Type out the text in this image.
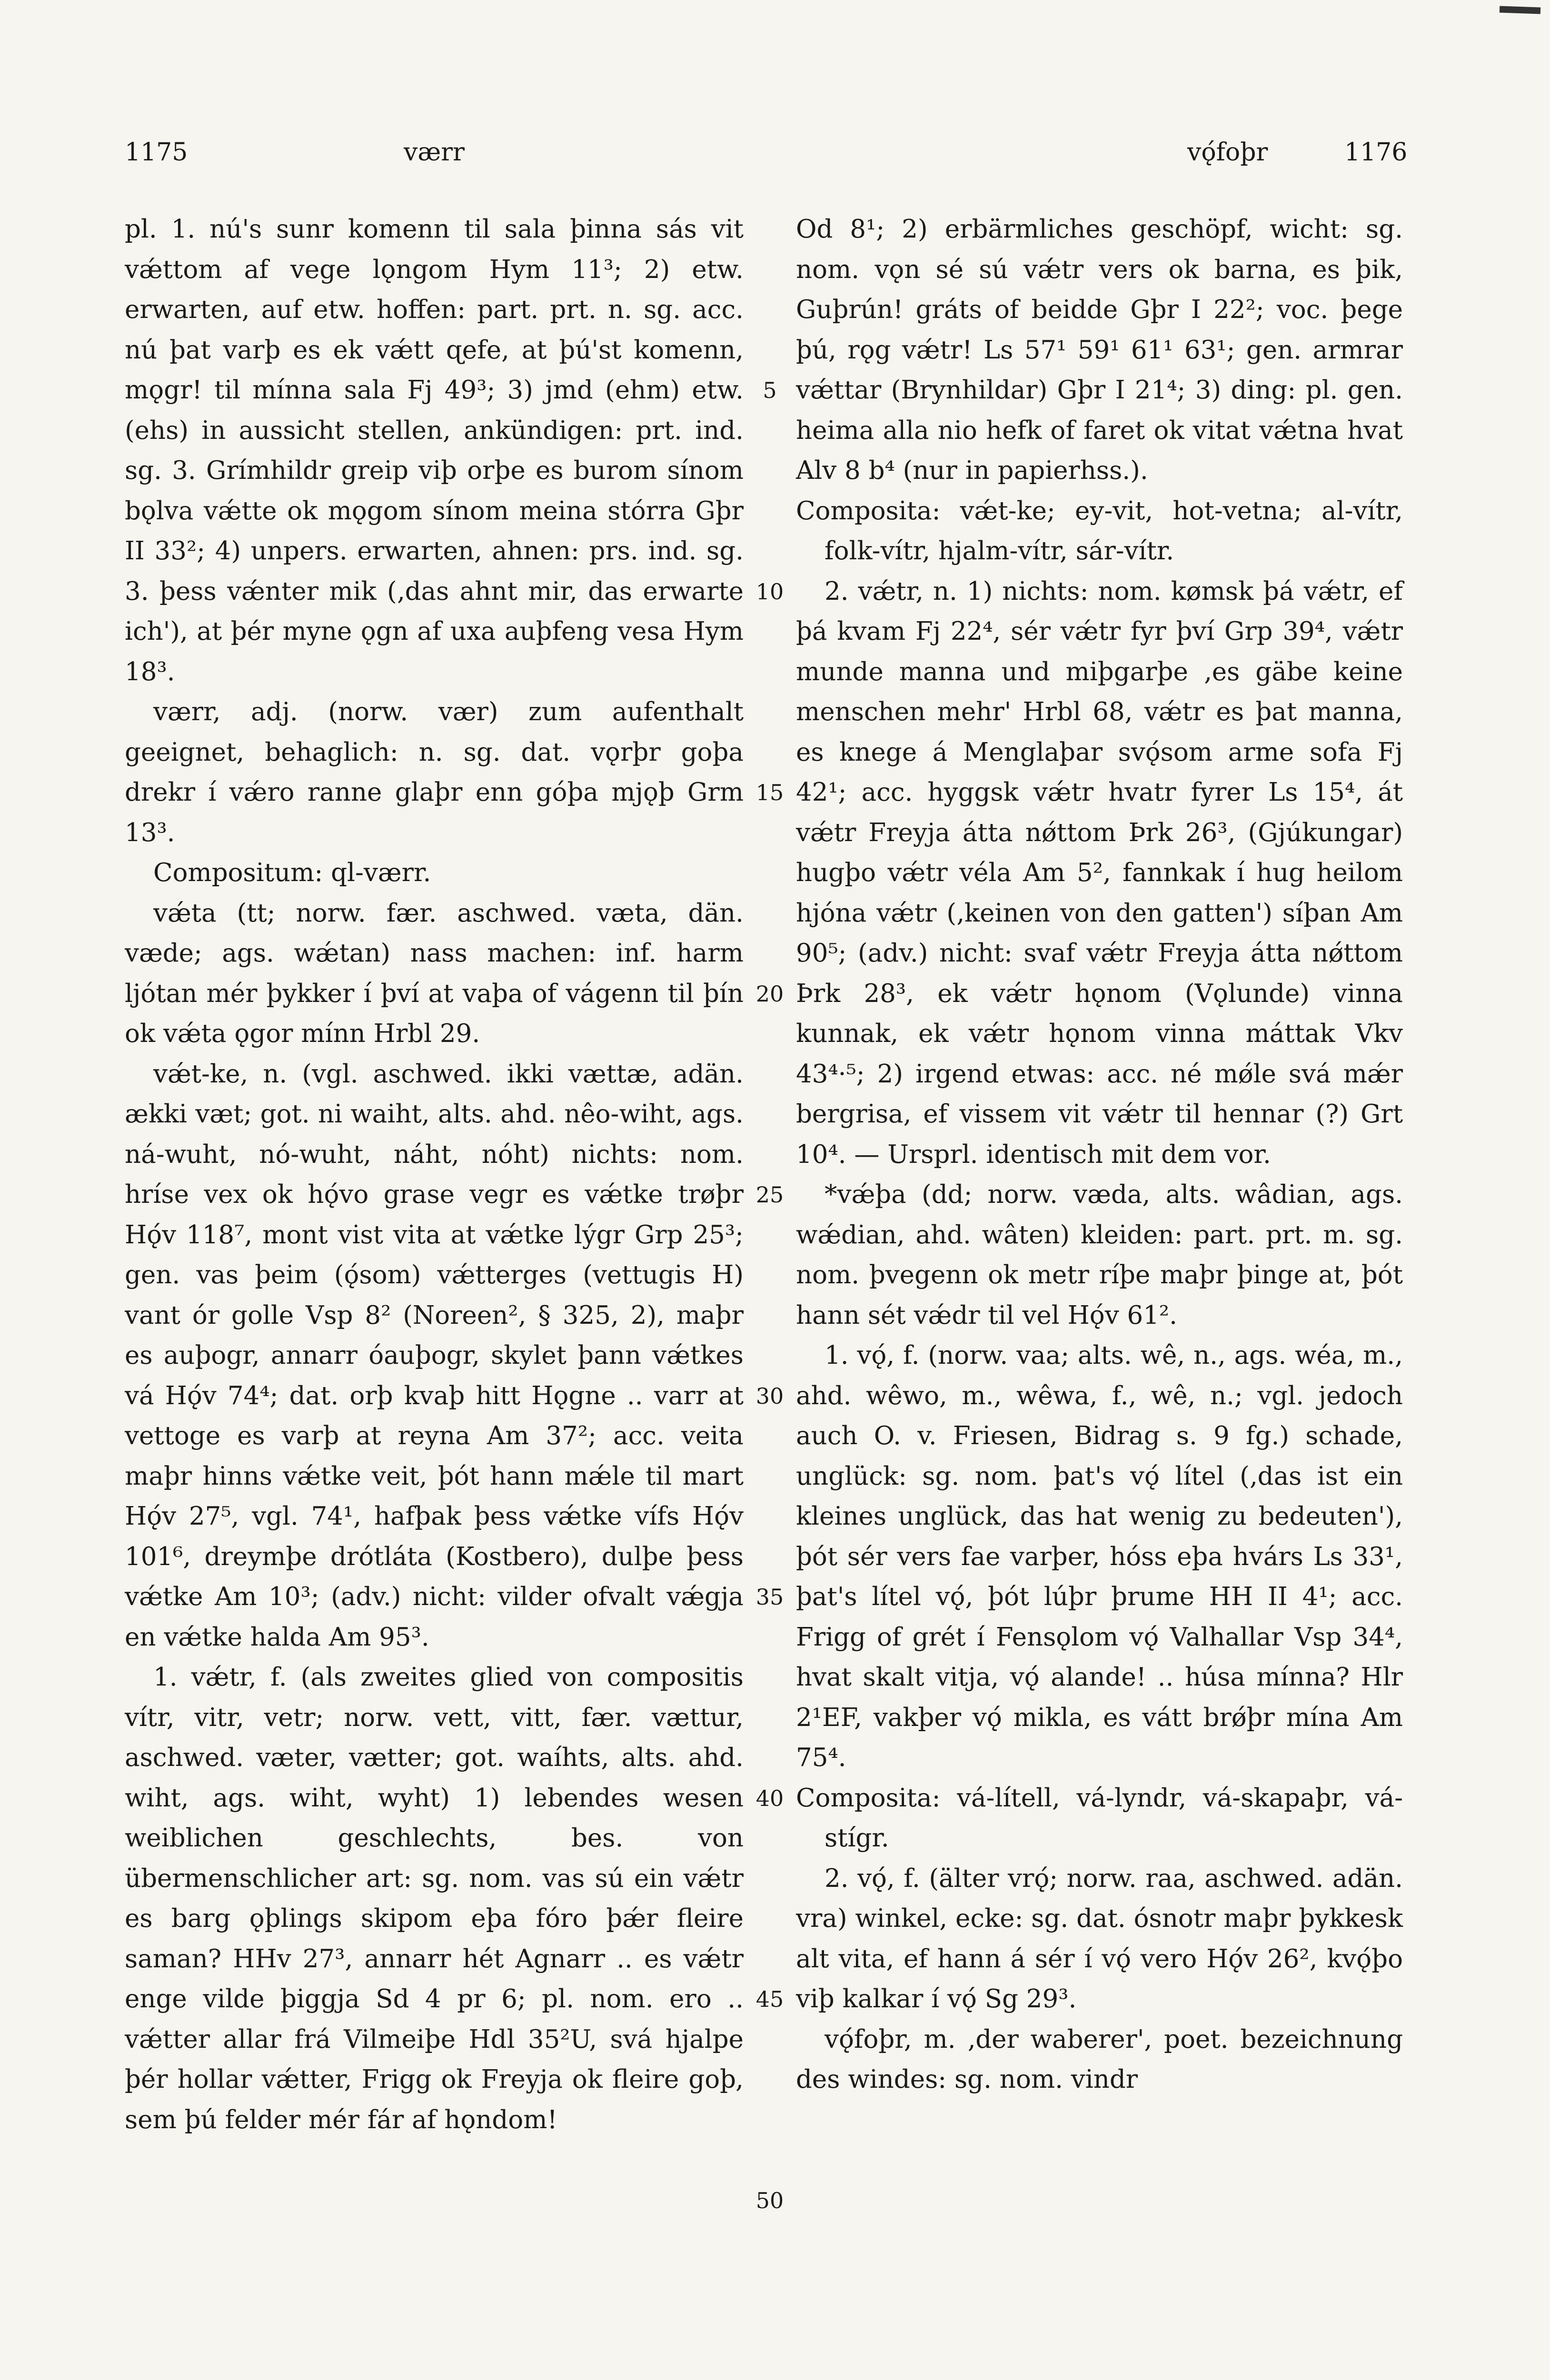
1175	værr	vǫ́foþr	1176

pl. 1. nú's sunr komenn til sala þinna sás vit vǽttom af vege lǫngom Hym 11³; 2) etw. erwarten, auf etw. hoffen: part. prt. n. sg. acc. nú þat varþ es ek vǽtt ɋefe, at þú'st komenn, mǫgr! til mínna sala Fj 49³; 3) jmd (ehm) etw. (ehs) in aussicht stellen, ankündigen: prt. ind. sg. 3. Grímhildr greip viþ orþe es burom sínom bǫlva vǽtte ok mǫgom sínom meina stórra Gþr II 33²; 4) unpers. erwarten, ahnen: prs. ind. sg. 3. þess vǽnter mik (‚das ahnt mir, das erwarte ich'), at þér myne ǫgn af uxa auþfeng vesa Hym 18³.

værr, adj. (norw. vær) zum aufenthalt geeignet, behaglich: n. sg. dat. vǫrþr goþa drekr í vǽro ranne glaþr enn góþa mjǫþ Grm 13³.

Compositum: ql-værr.

vǽta (tt; norw. fær. aschwed. væta, dän. væde; ags. wǽtan) nass machen: inf. harm ljótan mér þykker í því at vaþa of vágenn til þín ok vǽta ǫgor mínn Hrbl 29.

vǽt-ke, n. (vgl. aschwed. ikki vættæ, adän. ækki væt; got. ni waiht, alts. ahd. nêo-wiht, ags. ná-wuht, nó-wuht, náht, nóht) nichts: nom. hríse vex ok hǫ́vo grase vegr es vǽtke trøþr Hǫ́v 118⁷, mont vist vita at vǽtke lýgr Grp 25³; gen. vas þeim (ǫ́som) vǽtterges (vettugis H) vant ór golle Vsp 8² (Noreen², § 325, 2), maþr es auþogr, annarr óauþogr, skylet þann vǽtkes vá Hǫ́v 74⁴; dat. orþ kvaþ hitt Hǫgne .. varr at vettoge es varþ at reyna Am 37²; acc. veita maþr hinns vǽtke veit, þót hann mǽle til mart Hǫ́v 27⁵, vgl. 74¹, hafþak þess vǽtke vífs Hǫ́v 101⁶, dreymþe drótláta (Kostbero), dulþe þess vǽtke Am 10³; (adv.) nicht: vilder ofvalt vǽgja en vǽtke halda Am 95³.

1. vǽtr, f. (als zweites glied von compositis vítr, vitr, vetr; norw. vett, vitt, fær. vættur, aschwed. væter, vætter; got. waíhts, alts. ahd. wiht, ags. wiht, wyht) 1) lebendes wesen weiblichen geschlechts, bes. von übermenschlicher art: sg. nom. vas sú ein vǽtr es barg ǫþlings skipom eþa fóro þǽr fleire saman? HHv 27³, annarr hét Agnarr .. es vǽtr enge vilde þiggja Sd 4 pr 6; pl. nom. ero .. vǽtter allar frá Vilmeiþe Hdl 35²U, svá hjalpe þér hollar vǽtter, Frigg ok Freyja ok fleire goþ, sem þú felder mér fár af hǫndom!

5
10
15
20
25
30
35
40
45
50

Od 8¹; 2) erbärmliches geschöpf, wicht: sg. nom. vǫn sé sú vǽtr vers ok barna, es þik, Guþrún! gráts of beidde Gþr I 22²; voc. þege þú, rǫg vǽtr! Ls 57¹ 59¹ 61¹ 63¹; gen. armrar vǽttar (Brynhildar) Gþr I 21⁴; 3) ding: pl. gen. heima alla nio hefk of faret ok vitat vǽtna hvat Alv 8 b⁴ (nur in papierhss.).

Composita: vǽt-ke; ey-vit, hot-vetna; al-vítr, folk-vítr, hjalm-vítr, sár-vítr.

2. vǽtr, n. 1) nichts: nom. kømsk þá vǽtr, ef þá kvam Fj 22⁴, sér vǽtr fyr því Grp 39⁴, vǽtr munde manna und miþgarþe ‚es gäbe keine menschen mehr' Hrbl 68, vǽtr es þat manna, es knege á Menglaþar svǫ́som arme sofa Fj 42¹; acc. hyggsk vǽtr hvatr fyrer Ls 15⁴, át vǽtr Freyja átta nǿttom Þrk 26³, (Gjúkungar) hugþo vǽtr véla Am 5², fannkak í hug heilom hjóna vǽtr (‚keinen von den gatten') síþan Am 90⁵; (adv.) nicht: svaf vǽtr Freyja átta nǿttom Þrk 28³, ek vǽtr hǫnom (Vǫlunde) vinna kunnak, ek vǽtr hǫnom vinna máttak Vkv 43⁴·⁵; 2) irgend etwas: acc. né mǿle svá mǽr bergrisa, ef vissem vit vǽtr til hennar (?) Grt 10⁴. — Ursprl. identisch mit dem vor.

*vǽþa (dd; norw. væda, alts. wâdian, ags. wǽdian, ahd. wâten) kleiden: part. prt. m. sg. nom. þvegenn ok metr ríþe maþr þinge at, þót hann sét vǽdr til vel Hǫ́v 61².

1. vǫ́, f. (norw. vaa; alts. wê, n., ags. wéa, m., ahd. wêwo, m., wêwa, f., wê, n.; vgl. jedoch auch O. v. Friesen, Bidrag s. 9 fg.) schade, unglück: sg. nom. þat's vǫ́ lítel (‚das ist ein kleines unglück, das hat wenig zu bedeuten'), þót sér vers fae varþer, hóss eþa hvárs Ls 33¹, þat's lítel vǫ́, þót lúþr þrume HH II 4¹; acc. Frigg of grét í Fensǫlom vǫ́ Valhallar Vsp 34⁴, hvat skalt vitja, vǫ́ alande! .. húsa mínna? Hlr 2¹EF, vakþer vǫ́ mikla, es vátt brǿþr mína Am 75⁴.

Composita: vá-lítell, vá-lyndr, vá-skapaþr, vá-stígr.

2. vǫ́, f. (älter vrǫ́; norw. raa, aschwed. adän. vra) winkel, ecke: sg. dat. ósnotr maþr þykkesk alt vita, ef hann á sér í vǫ́ vero Hǫ́v 26², kvǫ́þo viþ kalkar í vǫ́ Sg 29³.

vǫ́foþr, m. ‚der waberer', poet. bezeichnung des windes: sg. nom. vindr
